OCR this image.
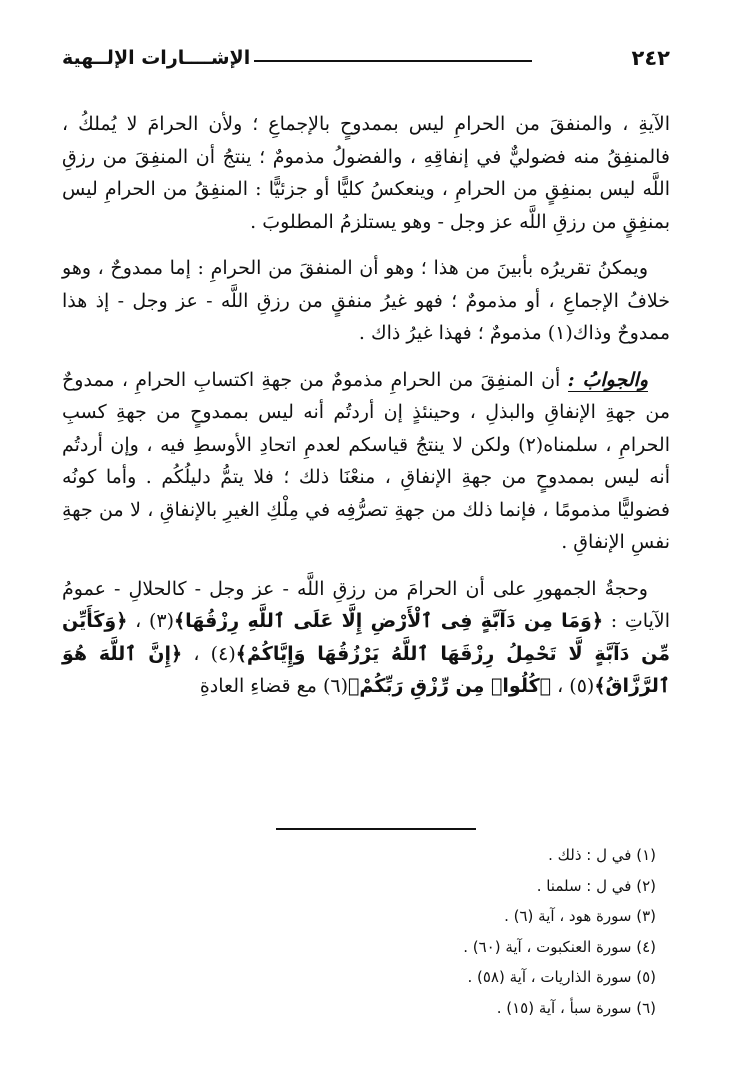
٢٤٢
الإشــــارات الإلــهية

الآيةِ ، والمنفقَ من الحرامِ ليس بممدوحٍ بالإجماعِ ؛ ولأن الحرامَ لا يُملكُ ، فالمنفِقُ منه فضوليٌّ في إنفاقِهِ ، والفضولُ مذمومٌ ؛ ينتجُ أن المنفِقَ من رزقِ اللَّه ليس بمنفِقٍ من الحرامِ ، وينعكسُ كليًّا أو جزئيًّا : المنفِقُ من الحرامِ ليس بمنفِقٍ من رزقِ اللَّه عز وجل - وهو يستلزمُ المطلوبَ .

ويمكنُ تقريرُه بأبينَ من هذا ؛ وهو أن المنفقَ من الحرامِ : إما ممدوحٌ ، وهو خلافُ الإجماعِ ، أو مذمومٌ ؛ فهو غيرُ منفقٍ من رزقِ اللَّه - عز وجل - إذ هذا ممدوحٌ وذاك(١) مذمومٌ ؛ فهذا غيرُ ذاك .

والجوابُ : أن المنفِقَ من الحرامِ مذمومٌ من جهةِ اكتسابِ الحرامِ ، ممدوحٌ من جهةِ الإنفاقِ والبذلِ ، وحينئذٍ إن أردتُم أنه ليس بممدوحٍ من جهةِ كسبِ الحرامِ ، سلمناه(٢) ولكن لا ينتجُ قياسكم لعدمِ اتحادِ الأوسطِ فيه ، وإن أردتُم أنه ليس بممدوحٍ من جهةِ الإنفاقِ ، منعْنَا ذلك ؛ فلا يتمُّ دليلُكُم . وأما كونُه فضوليًّا مذمومًا ، فإنما ذلك من جهةِ تصرُّفِه في مِلْكِ الغيرِ بالإنفاقِ ، لا من جهةِ نفسِ الإنفاقِ .

وحجةُ الجمهورِ على أن الحرامَ من رزقِ اللَّه - عز وجل - كالحلالِ - عمومُ الآياتِ : ﴿وَمَا مِن دَآبَّةٍ فِى ٱلْأَرْضِ إِلَّا عَلَى ٱللَّهِ رِزْقُهَا﴾(٣) ، ﴿وَكَأَيِّن مِّن دَآبَّةٍ لَّا تَحْمِلُ رِزْقَهَا ٱللَّهُ يَرْزُقُهَا وَإِيَّاكُمْ﴾(٤) ، ﴿إِنَّ ٱللَّهَ هُوَ ٱلرَّزَّاقُ﴾(٥) ، ﴿كُلُوا۟ مِن رِّزْقِ رَبِّكُمْ﴾(٦) مع قضاءِ العادةِ

(١) في ل : ذلك .
(٢) في ل : سلمنا .
(٣) سورة هود ، آية (٦) .
(٤) سورة العنكبوت ، آية (٦٠) .
(٥) سورة الذاريات ، آية (٥٨) .
(٦) سورة سبأ ، آية (١٥) .
